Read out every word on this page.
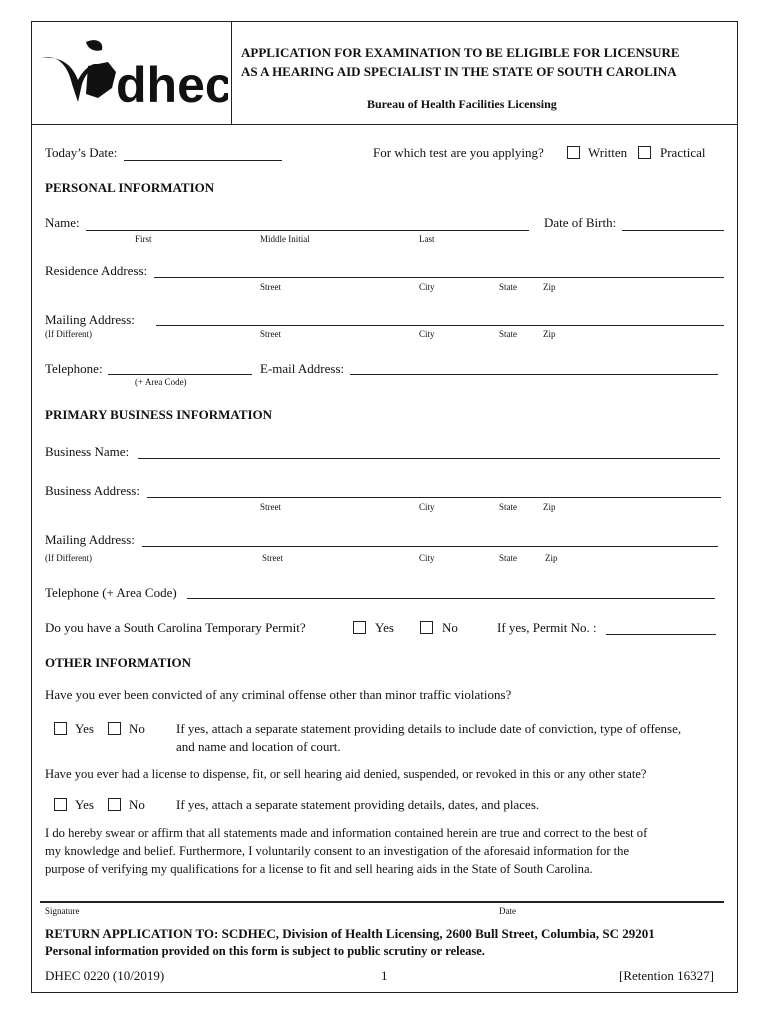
dhec
APPLICATION FOR EXAMINATION TO BE ELIGIBLE FOR LICENSURE
AS A HEARING AID SPECIALIST IN THE STATE OF SOUTH CAROLINA
Bureau of Health Facilities Licensing
Today’s Date:	For which test are you applying?	Written	Practical
PERSONAL INFORMATION
Name:
First	Middle Initial	Last
Date of Birth:
Residence Address:
Street	City	State	Zip
Mailing Address:
(If Different)	Street	City	State	Zip
Telephone:
(+ Area Code)
E-mail Address:
PRIMARY BUSINESS INFORMATION
Business Name:
Business Address:
Street	City	State	Zip
Mailing Address:
(If Different)	Street	City	State	Zip
Telephone (+ Area Code)
Do you have a South Carolina Temporary Permit?	Yes	No	If yes, Permit No. :
OTHER INFORMATION
Have you ever been convicted of any criminal offense other than minor traffic violations?
Yes	No If yes, attach a separate statement providing details to include date of conviction, type of offense,
and name and location of court.
Have you ever had a license to dispense, fit, or sell hearing aid denied, suspended, or revoked in this or any other state?
Yes	No If yes, attach a separate statement providing details, dates, and places.
I do hereby swear or affirm that all statements made and information contained herein are true and correct to the best of
my knowledge and belief. Furthermore, I voluntarily consent to an investigation of the aforesaid information for the
purpose of verifying my qualifications for a license to fit and sell hearing aids in the State of South Carolina.
Signature	Date
RETURN APPLICATION TO: SCDHEC, Division of Health Licensing, 2600 Bull Street, Columbia, SC 29201
Personal information provided on this form is subject to public scrutiny or release.
DHEC 0220 (10/2019)	1	[Retention 16327]
